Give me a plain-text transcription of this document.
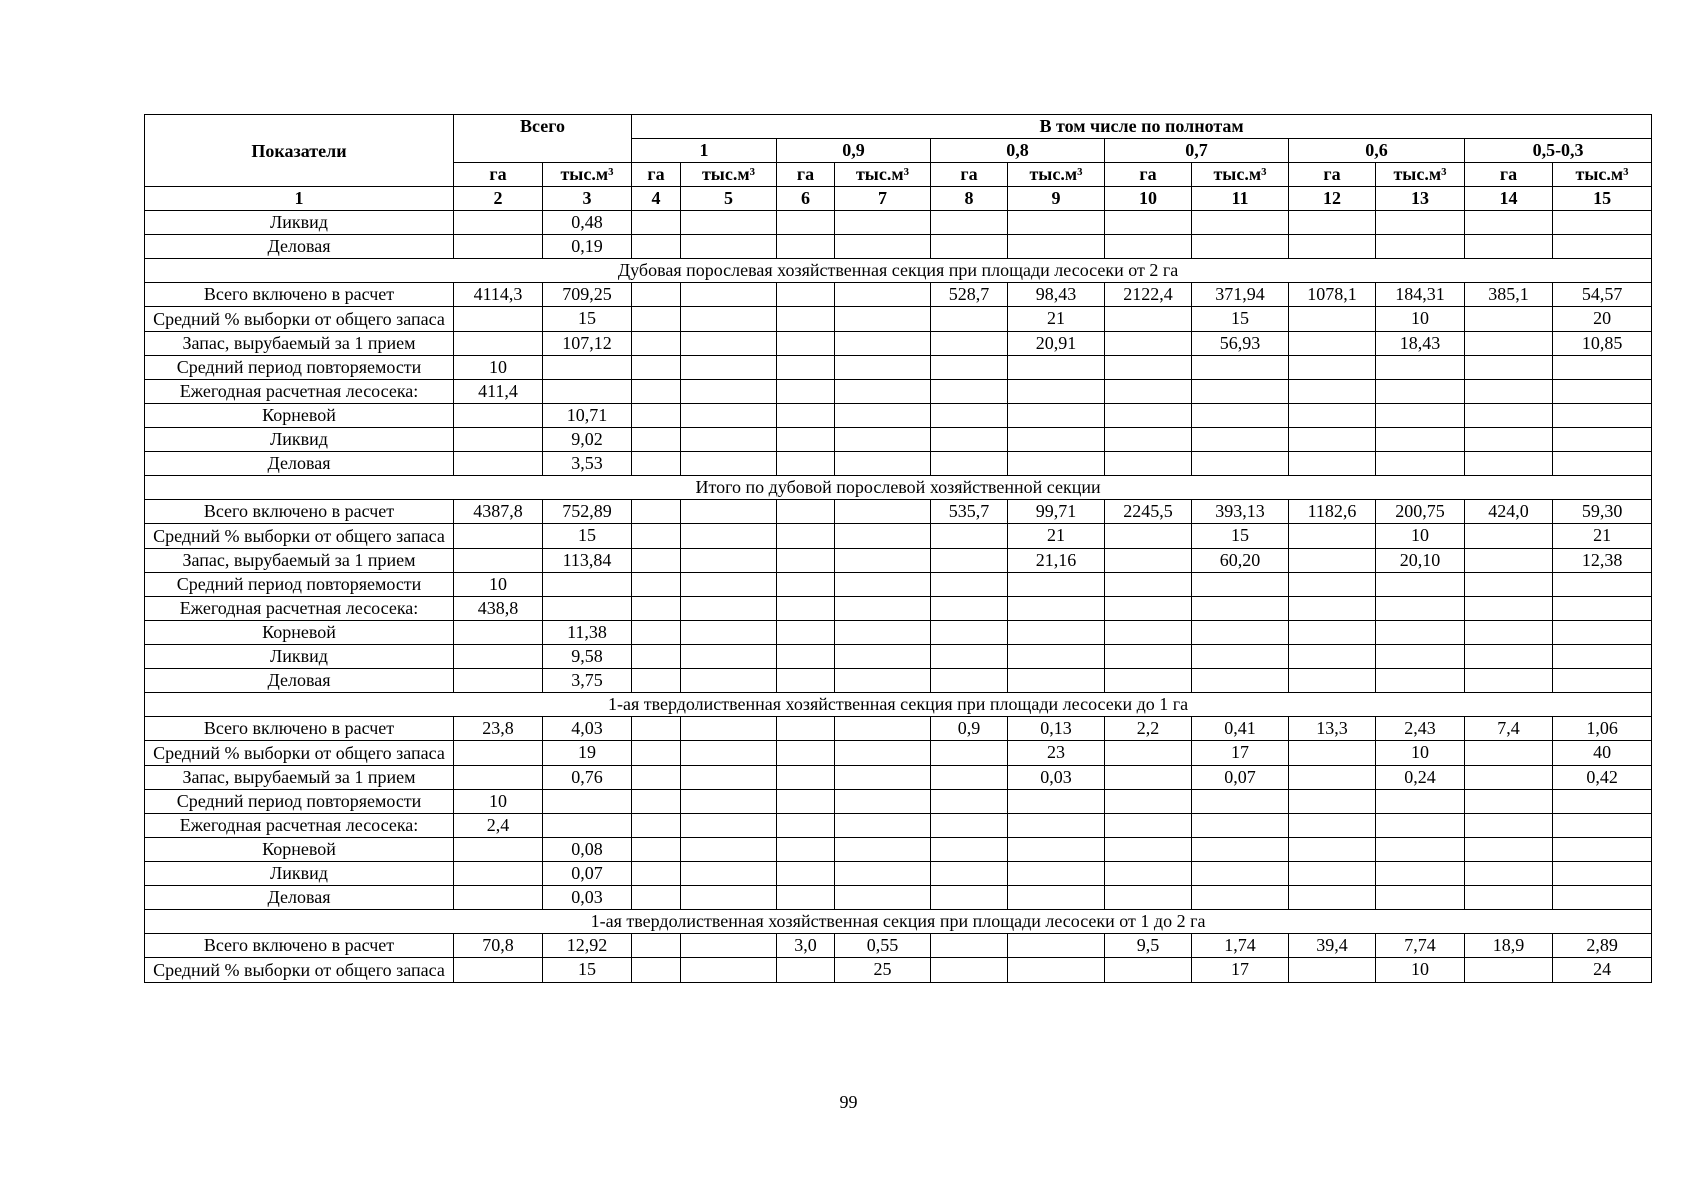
Показатели	Всего		В том числе по полнотам											
			1		0,9		0,8		0,7		0,6		0,5-0,3	
	га	тыс.м³	га	тыс.м³	га	тыс.м³	га	тыс.м³	га	тыс.м³	га	тыс.м³	га	тыс.м³
1	2	3	4	5	6	7	8	9	10	11	12	13	14	15
Ликвид		0,48												
Деловая		0,19												
Дубовая порослевая хозяйственная секция при площади лесосеки от 2 га														
Всего включено в расчет	4114,3	709,25					528,7	98,43	2122,4	371,94	1078,1	184,31	385,1	54,57
Средний % выборки от общего запаса		15						21		15		10		20
Запас, вырубаемый за 1 прием		107,12						20,91		56,93		18,43		10,85
Средний период повторяемости	10													
Ежегодная расчетная лесосека:	411,4													
Корневой		10,71												
Ликвид		9,02												
Деловая		3,53												
Итого по дубовой порослевой хозяйственной секции														
Всего включено в расчет	4387,8	752,89					535,7	99,71	2245,5	393,13	1182,6	200,75	424,0	59,30
Средний % выборки от общего запаса		15						21		15		10		21
Запас, вырубаемый за 1 прием		113,84						21,16		60,20		20,10		12,38
Средний период повторяемости	10													
Ежегодная расчетная лесосека:	438,8													
Корневой		11,38												
Ликвид		9,58												
Деловая		3,75												
1-ая твердолиственная хозяйственная секция при площади лесосеки до 1 га														
Всего включено в расчет	23,8	4,03					0,9	0,13	2,2	0,41	13,3	2,43	7,4	1,06
Средний % выборки от общего запаса		19						23		17		10		40
Запас, вырубаемый за 1 прием		0,76						0,03		0,07		0,24		0,42
Средний период повторяемости	10													
Ежегодная расчетная лесосека:	2,4													
Корневой		0,08												
Ликвид		0,07												
Деловая		0,03												
1-ая твердолиственная хозяйственная секция при площади лесосеки от 1 до 2 га														
Всего включено в расчет	70,8	12,92			3,0	0,55			9,5	1,74	39,4	7,74	18,9	2,89
Средний % выборки от общего запаса		15				25				17		10		24
99
